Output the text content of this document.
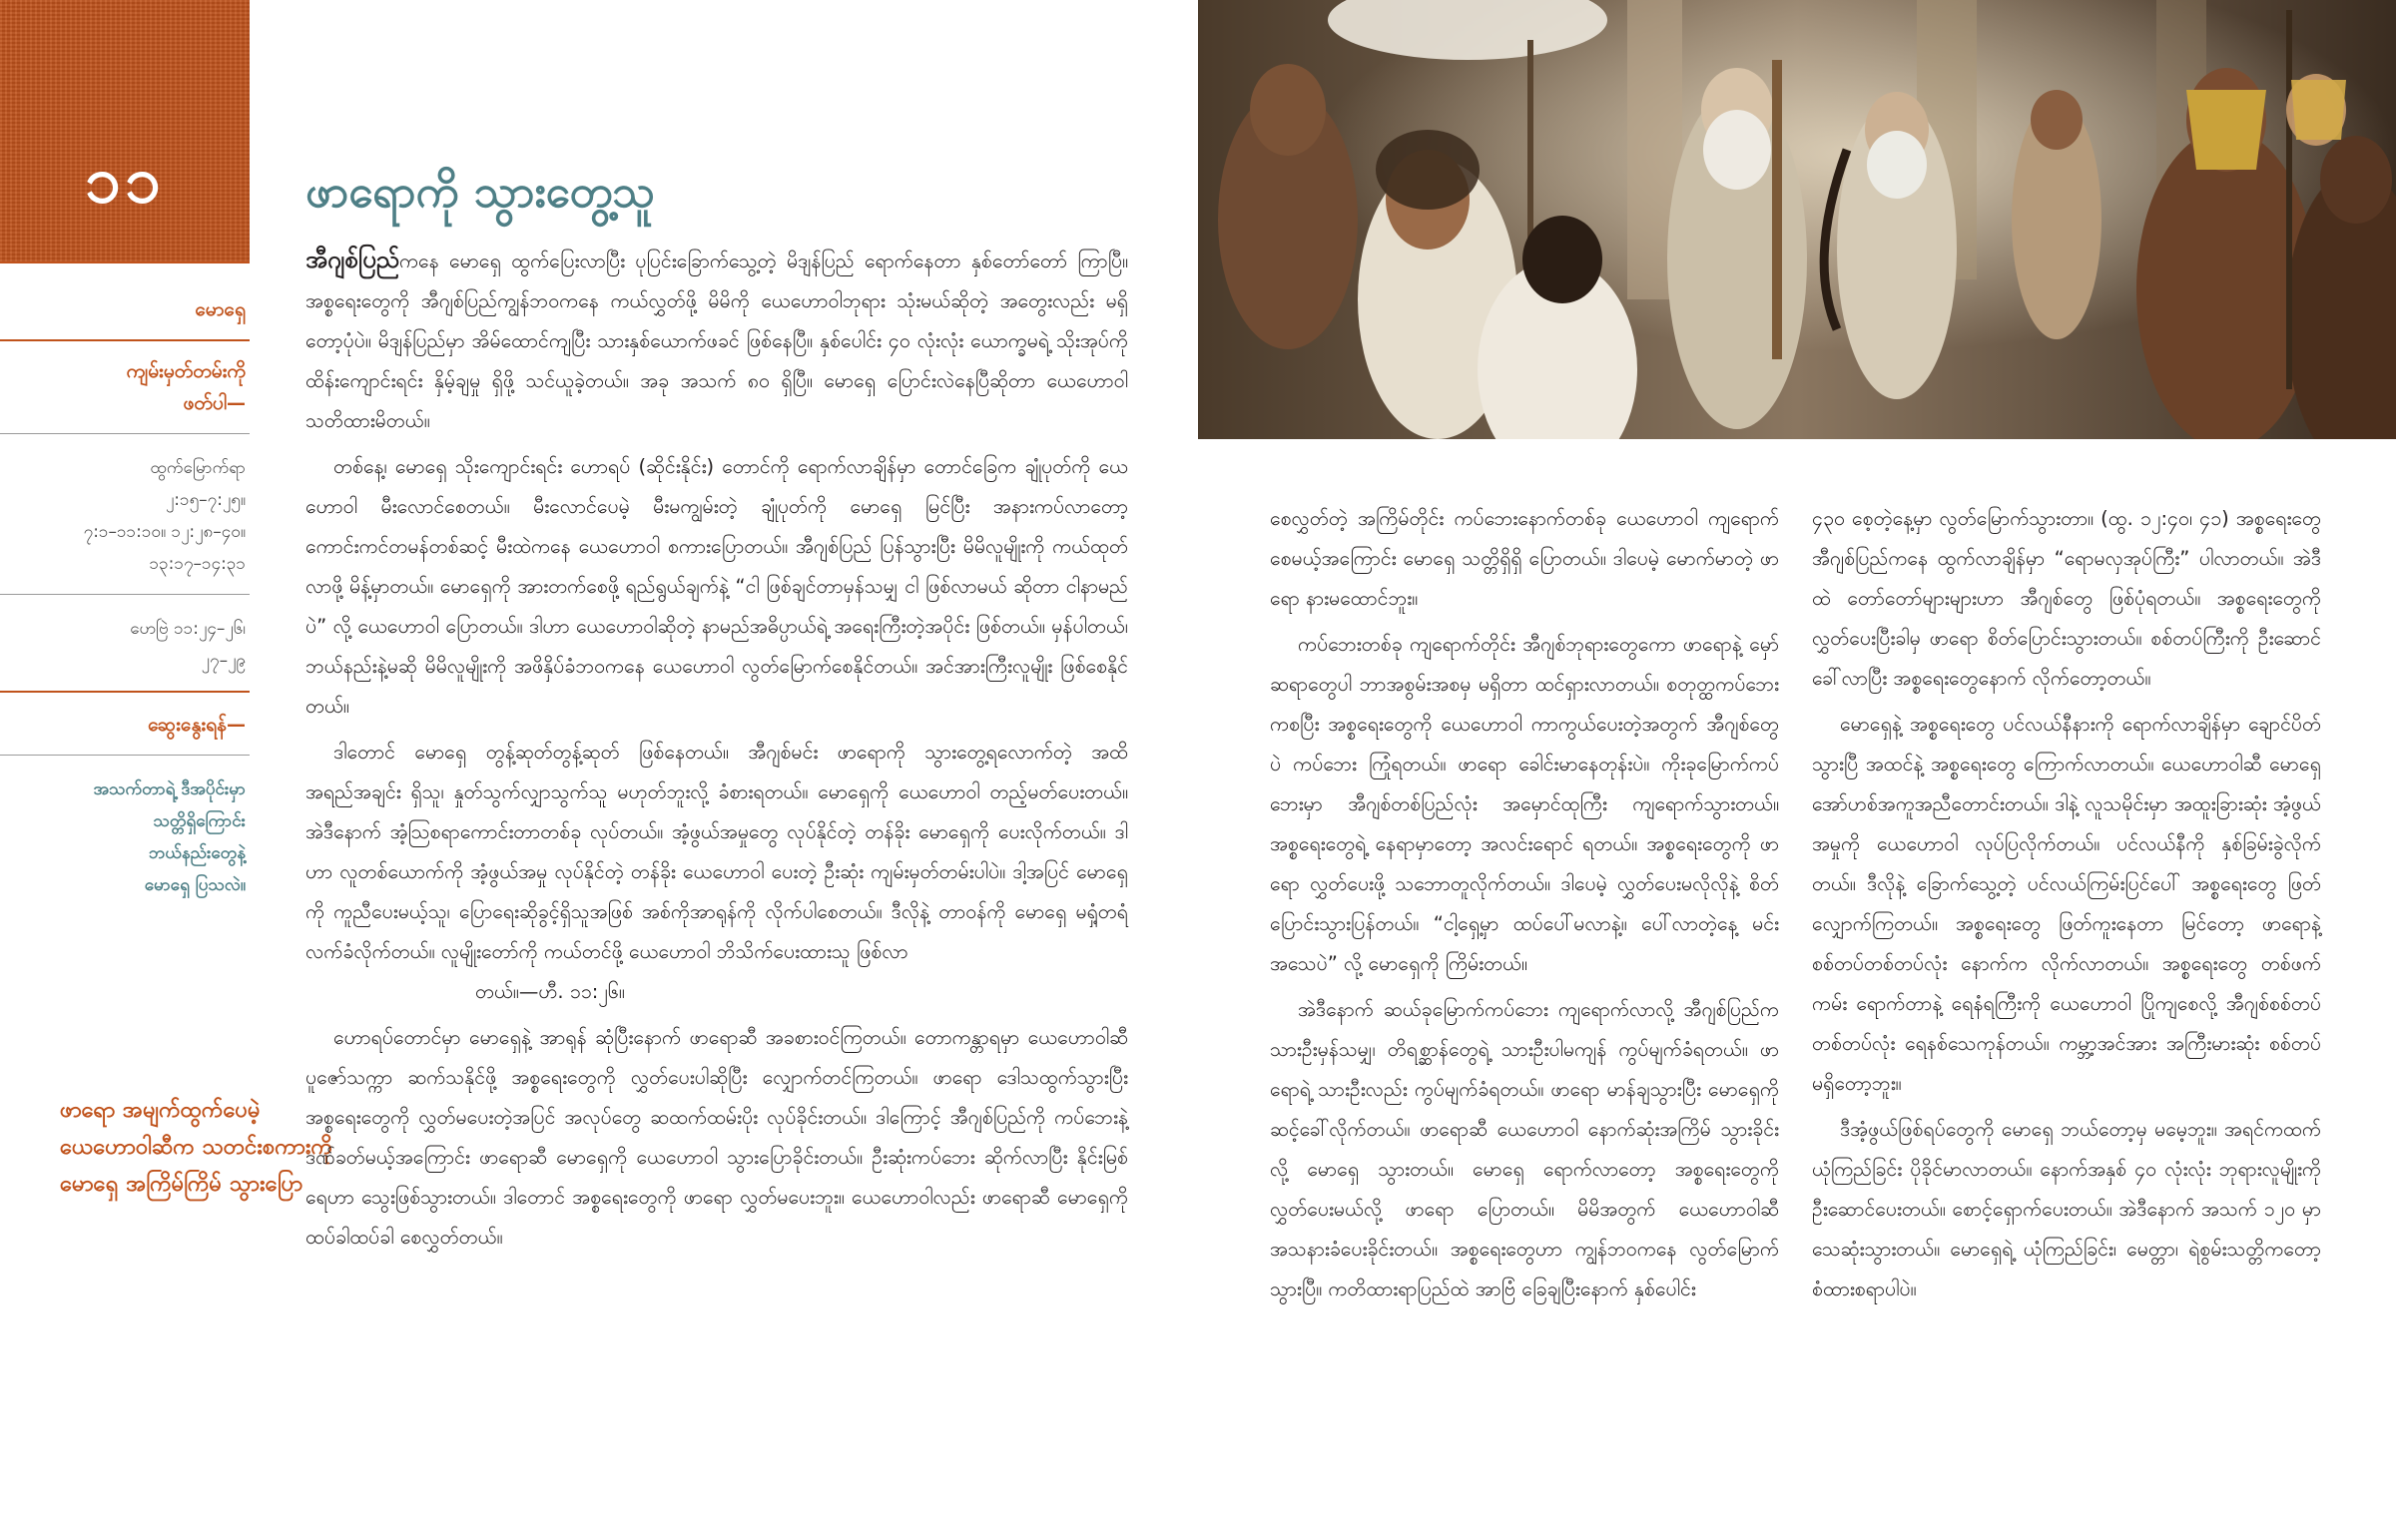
၁၁	ဖာရောကို သွားတွေ့သူ
မောရှေ
ကျမ်းမှတ်တမ်းကို
ဖတ်ပါ—
ထွက်မြောက်ရာ
၂:၁၅–၇:၂၅။
၇:၁–၁၁:၁၀။ ၁၂:၂၈–၄၀။
၁၃:၁၇–၁၄:၃၁
ဟေဗြဲ ၁၁:၂၄–၂၆၊
၂၇–၂၉
ဆွေးနွေးရန်—
အသက်တာရဲ့ ဒီအပိုင်းမှာ
သတ္တိရှိကြောင်း
ဘယ်နည်းတွေနဲ့
မောရှေ ပြသလဲ။
ဖာရော အမျက်ထွက်ပေမဲ့
ယေဟောဝါဆီက သတင်းစကားကို
မောရှေ အကြိမ်ကြိမ် သွားပြော

အီဂျစ်ပြည်ကနေ မောရှေ ထွက်ပြေးလာပြီး ပုပြင်းခြောက်သွေ့တဲ့ မိဒျန်ပြည် ရောက်နေတာ နှစ်တော်တော် ကြာပြီ။ အစ္စရေးတွေကို အီဂျစ်ပြည်ကျွန်ဘဝကနေ ကယ်လွှတ်ဖို့ မိမိကို ယေဟောဝါဘုရား သုံးမယ်ဆိုတဲ့ အတွေးလည်း မရှိတော့ပုံပဲ။ မိဒျန်ပြည်မှာ အိမ်ထောင်ကျပြီး သားနှစ်ယောက်ဖခင် ဖြစ်နေပြီ။ နှစ်ပေါင်း ၄၀ လုံးလုံး ယောက္ခမရဲ့ သိုးအုပ်ကို ထိန်းကျောင်းရင်း နှိမ့်ချမှု ရှိဖို့ သင်ယူခဲ့တယ်။ အခု အသက် ၈၀ ရှိပြီ။ မောရှေ ပြောင်းလဲနေပြီဆိုတာ ယေဟောဝါ သတိထားမိတယ်။

တစ်နေ့၊ မောရှေ သိုးကျောင်းရင်း ဟောရပ် (ဆိုင်းနိုင်း) တောင်ကို ရောက်လာချိန်မှာ တောင်ခြေက ချုံပုတ်ကို ယေဟောဝါ မီးလောင်စေတယ်။ မီးလောင်ပေမဲ့ မီးမကျွမ်းတဲ့ ချုံပုတ်ကို မောရှေ မြင်ပြီး အနားကပ်လာတော့ ကောင်းကင်တမန်တစ်ဆင့် မီးထဲကနေ ယေဟောဝါ စကားပြောတယ်။ အီဂျစ်ပြည် ပြန်သွားပြီး မိမိလူမျိုးကို ကယ်ထုတ်လာဖို့ မိန့်မှာတယ်။ မောရှေကို အားတက်စေဖို့ ရည်ရွယ်ချက်နဲ့ “ငါ ဖြစ်ချင်တာမှန်သမျှ ငါ ဖြစ်လာမယ် ဆိုတာ ငါနာမည်ပဲ” လို့ ယေဟောဝါ ပြောတယ်။ ဒါဟာ ယေဟောဝါဆိုတဲ့ နာမည်အဓိပ္ပာယ်ရဲ့ အရေးကြီးတဲ့အပိုင်း ဖြစ်တယ်။ မှန်ပါတယ်၊ ဘယ်နည်းနဲ့မဆို မိမိလူမျိုးကို အဖိနှိပ်ခံဘဝကနေ ယေဟောဝါ လွတ်မြောက်စေနိုင်တယ်။ အင်အားကြီးလူမျိုး ဖြစ်စေနိုင်တယ်။

ဒါတောင် မောရှေ တွန့်ဆုတ်တွန့်ဆုတ် ဖြစ်နေတယ်။ အီဂျစ်မင်း ဖာရောကို သွားတွေ့ရလောက်တဲ့ အထိ အရည်အချင်း ရှိသူ၊ နှုတ်သွက်လျှာသွက်သူ မဟုတ်ဘူးလို့ ခံစားရတယ်။ မောရှေကို ယေဟောဝါ တည့်မတ်ပေးတယ်။ အဲဒီနောက် အံ့သြစရာကောင်းတာတစ်ခု လုပ်တယ်။ အံ့ဖွယ်အမှုတွေ လုပ်နိုင်တဲ့ တန်ခိုး မောရှေကို ပေးလိုက်တယ်။ ဒါဟာ လူတစ်ယောက်ကို အံ့ဖွယ်အမှု လုပ်နိုင်တဲ့ တန်ခိုး ယေဟောဝါ ပေးတဲ့ ဦးဆုံး ကျမ်းမှတ်တမ်းပါပဲ။ ဒါ့အပြင် မောရှေကို ကူညီပေးမယ့်သူ၊ ပြောရေးဆိုခွင့်ရှိသူအဖြစ် အစ်ကိုအာရုန်ကို လိုက်ပါစေတယ်။ ဒီလိုနဲ့ တာဝန်ကို မောရှေ မရှံ့တရံ လက်ခံလိုက်တယ်။ လူမျိုးတော်ကို ကယ်တင်ဖို့ ယေဟောဝါ ဘိသိက်ပေးထားသူ ဖြစ်လာ

တယ်။—ဟီ. ၁၁:၂၆။

ဟောရပ်တောင်မှာ မောရှေနဲ့ အာရုန် ဆုံပြီးနောက် ဖာရောဆီ အခစားဝင်ကြတယ်။ တောကန္တာရမှာ ယေဟောဝါဆီ ပူဇော်သက္ကာ ဆက်သနိုင်ဖို့ အစ္စရေးတွေကို လွှတ်ပေးပါဆိုပြီး လျှောက်တင်ကြတယ်။ ဖာရော ဒေါသထွက်သွားပြီး အစ္စရေးတွေကို လွှတ်မပေးတဲ့အပြင် အလုပ်တွေ ဆထက်ထမ်းပိုး လုပ်ခိုင်းတယ်။ ဒါကြောင့် အီဂျစ်ပြည်ကို ကပ်ဘေးနဲ့ ဒဏ်ခတ်မယ့်အကြောင်း ဖာရောဆီ မောရှေကို ယေဟောဝါ သွားပြောခိုင်းတယ်။ ဦးဆုံးကပ်ဘေး ဆိုက်လာပြီး နိုင်းမြစ်ရေဟာ သွေးဖြစ်သွားတယ်။ ဒါတောင် အစ္စရေးတွေကို ဖာရော လွှတ်မပေးဘူး။ ယေဟောဝါလည်း ဖာရောဆီ မောရှေကို ထပ်ခါထပ်ခါ စေလွှတ်တယ်။

စေလွှတ်တဲ့ အကြိမ်တိုင်း ကပ်ဘေးနောက်တစ်ခု ယေဟောဝါ ကျရောက်စေမယ့်အကြောင်း မောရှေ သတ္တိရှိရှိ ပြောတယ်။ ဒါပေမဲ့ မောက်မာတဲ့ ဖာရော နားမထောင်ဘူး။

ကပ်ဘေးတစ်ခု ကျရောက်တိုင်း အီဂျစ်ဘုရားတွေကော ဖာရောနဲ့ မှော်ဆရာတွေပါ ဘာအစွမ်းအစမှ မရှိတာ ထင်ရှားလာတယ်။ စတုတ္ထကပ်ဘေးကစပြီး အစ္စရေးတွေကို ယေဟောဝါ ကာကွယ်ပေးတဲ့အတွက် အီဂျစ်တွေပဲ ကပ်ဘေး ကြုံရတယ်။ ဖာရော ခေါင်းမာနေတုန်းပဲ။ ကိုးခုမြောက်ကပ်ဘေးမှာ အီဂျစ်တစ်ပြည်လုံး အမှောင်ထုကြီး ကျရောက်သွားတယ်။ အစ္စရေးတွေရဲ့ နေရာမှာတော့ အလင်းရောင် ရတယ်။ အစ္စရေးတွေကို ဖာရော လွှတ်ပေးဖို့ သဘောတူလိုက်တယ်။ ဒါပေမဲ့ လွှတ်ပေးမလိုလိုနဲ့ စိတ်ပြောင်းသွားပြန်တယ်။ “ငါ့ရှေ့မှာ ထပ်ပေါ်မလာနဲ့။ ပေါ်လာတဲ့နေ့ မင်းအသေပဲ” လို့ မောရှေကို ကြိမ်းတယ်။

အဲဒီနောက် ဆယ်ခုမြောက်ကပ်ဘေး ကျရောက်လာလို့ အီဂျစ်ပြည်က သားဦးမှန်သမျှ၊ တိရစ္ဆာန်တွေရဲ့ သားဦးပါမကျန် ကွပ်မျက်ခံရတယ်။ ဖာရောရဲ့ သားဦးလည်း ကွပ်မျက်ခံရတယ်။ ဖာရော မာန်ချသွားပြီး မောရှေကို ဆင့်ခေါ်လိုက်တယ်။ ဖာရောဆီ ယေဟောဝါ နောက်ဆုံးအကြိမ် သွားခိုင်းလို့ မောရှေ သွားတယ်။ မောရှေ ရောက်လာတော့ အစ္စရေးတွေကို လွှတ်ပေးမယ်လို့ ဖာရော ပြောတယ်။ မိမိအတွက် ယေဟောဝါဆီ အသနားခံပေးခိုင်းတယ်။ အစ္စရေးတွေဟာ ကျွန်ဘဝကနေ လွတ်မြောက်သွားပြီ။ ကတိထားရာပြည်ထဲ အာဗြံ ခြေချပြီးနောက် နှစ်ပေါင်း

၄၃၀ စေ့တဲ့နေ့မှာ လွတ်မြောက်သွားတာ။ (ထွ. ၁၂:၄၀၊ ၄၁) အစ္စရေးတွေ အီဂျစ်ပြည်ကနေ ထွက်လာချိန်မှာ “ရောမလှအုပ်ကြီး” ပါလာတယ်။ အဲဒီထဲ တော်တော်များများဟာ အီဂျစ်တွေ ဖြစ်ပုံရတယ်။ အစ္စရေးတွေကို လွှတ်ပေးပြီးခါမှ ဖာရော စိတ်ပြောင်းသွားတယ်။ စစ်တပ်ကြီးကို ဦးဆောင်ခေါ်လာပြီး အစ္စရေးတွေနောက် လိုက်တော့တယ်။

မောရှေနဲ့ အစ္စရေးတွေ ပင်လယ်နီနားကို ရောက်လာချိန်မှာ ချောင်ပိတ်သွားပြီ အထင်နဲ့ အစ္စရေးတွေ ကြောက်လာတယ်။ ယေဟောဝါဆီ မောရှေ အော်ဟစ်အကူအညီတောင်းတယ်။ ဒါနဲ့ လူသမိုင်းမှာ အထူးခြားဆုံး အံ့ဖွယ်အမှုကို ယေဟောဝါ လုပ်ပြလိုက်တယ်။ ပင်လယ်နီကို နှစ်ခြမ်းခွဲလိုက်တယ်။ ဒီလိုနဲ့ ခြောက်သွေ့တဲ့ ပင်လယ်ကြမ်းပြင်ပေါ် အစ္စရေးတွေ ဖြတ်လျှောက်ကြတယ်။ အစ္စရေးတွေ ဖြတ်ကူးနေတာ မြင်တော့ ဖာရောနဲ့ စစ်တပ်တစ်တပ်လုံး နောက်က လိုက်လာတယ်။ အစ္စရေးတွေ တစ်ဖက်ကမ်း ရောက်တာနဲ့ ရေနံရကြီးကို ယေဟောဝါ ပြိုကျစေလို့ အီဂျစ်စစ်တပ်တစ်တပ်လုံး ရေနစ်သေကုန်တယ်။ ကမ္ဘာ့အင်အား အကြီးမားဆုံး စစ်တပ် မရှိတော့ဘူး။

ဒီအံ့ဖွယ်ဖြစ်ရပ်တွေကို မောရှေ ဘယ်တော့မှ မမေ့ဘူး။ အရင်ကထက် ယုံကြည်ခြင်း ပိုခိုင်မာလာတယ်။ နောက်အနှစ် ၄၀ လုံးလုံး ဘုရားလူမျိုးကို ဦးဆောင်ပေးတယ်။ စောင့်ရှောက်ပေးတယ်။ အဲဒီနောက် အသက် ၁၂၀ မှာ သေဆုံးသွားတယ်။ မောရှေရဲ့ ယုံကြည်ခြင်း၊ မေတ္တာ၊ ရဲစွမ်းသတ္တိကတော့ စံထားစရာပါပဲ။
